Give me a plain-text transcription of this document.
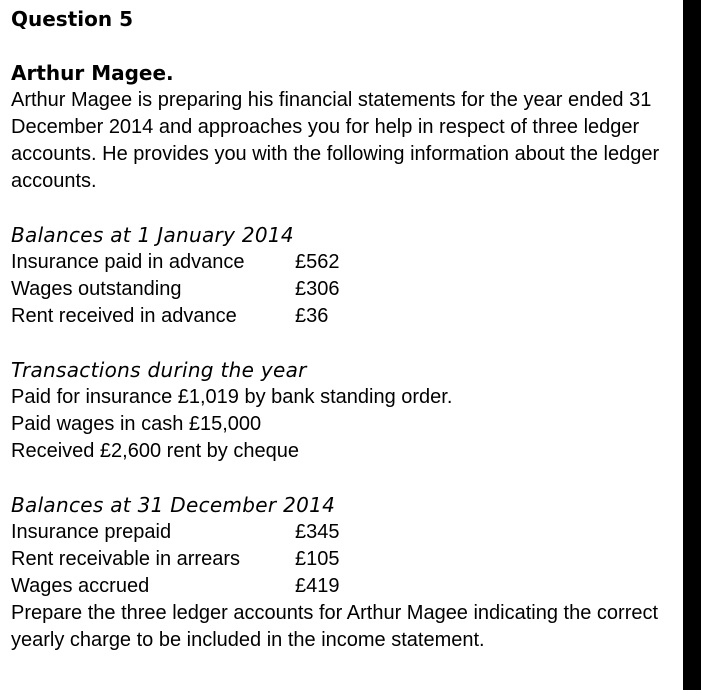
Question 5

Arthur Magee.

Arthur Magee is preparing his financial statements for the year ended 31 December 2014 and approaches you for help in respect of three ledger accounts. He provides you with the following information about the ledger accounts.

Balances at 1 January 2014

Insurance paid in advance	£562
Wages outstanding	£306
Rent received in advance	£36

Transactions during the year

Paid for insurance £1,019 by bank standing order.

Paid wages in cash £15,000

Received £2,600 rent by cheque

Balances at 31 December 2014

Insurance prepaid	£345
Rent receivable in arrears	£105
Wages accrued	£419

Prepare the three ledger accounts for Arthur Magee indicating the correct yearly charge to be included in the income statement.
